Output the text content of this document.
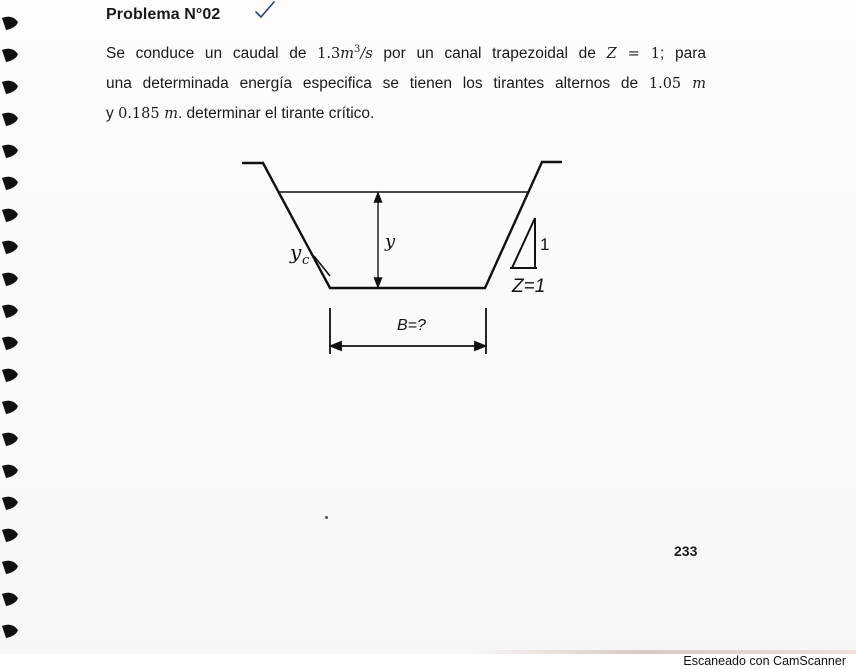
Problema N°02
Se conduce un caudal de $1.3m^3/s$ por un canal trapezoidal de Z = 1; para
una determinada energía especifica se tienen los tirantes alternos de 1.05 m
y 0.185 m. determinar el tirante crítico.
y
y c
1
Z=1
B=?
233
Escaneado con CamScanner
